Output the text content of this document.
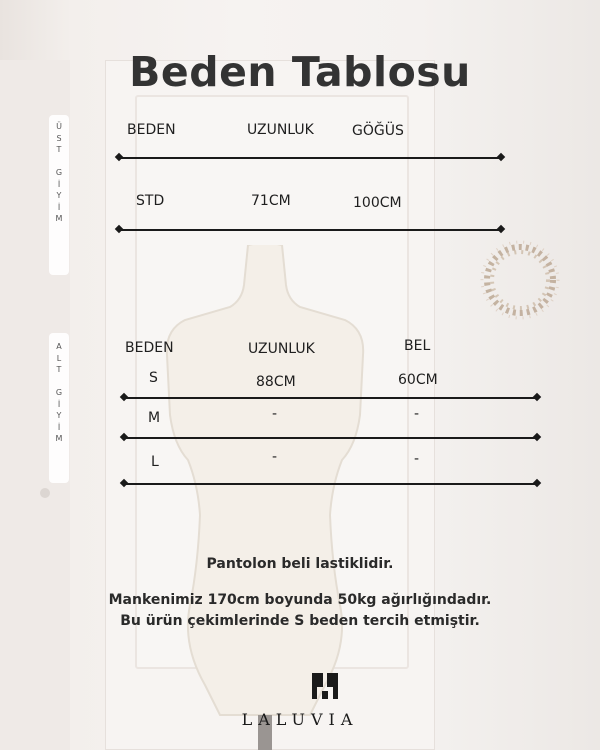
Ü
S
T
G
İ
Y
İ
M
A
L
T
G
İ
Y
İ
M
Beden Tablosu
BEDEN	UZUNLUK	GÖĞÜS
STD	71CM	100CM
BEDEN	UZUNLUK	BEL
S	88CM	60CM
M	-	-
L	-	-
Pantolon beli lastiklidir.
Mankenimiz 170cm boyunda 50kg ağırlığındadır.
Bu ürün çekimlerinde S beden tercih etmiştir.
LALUVIA
